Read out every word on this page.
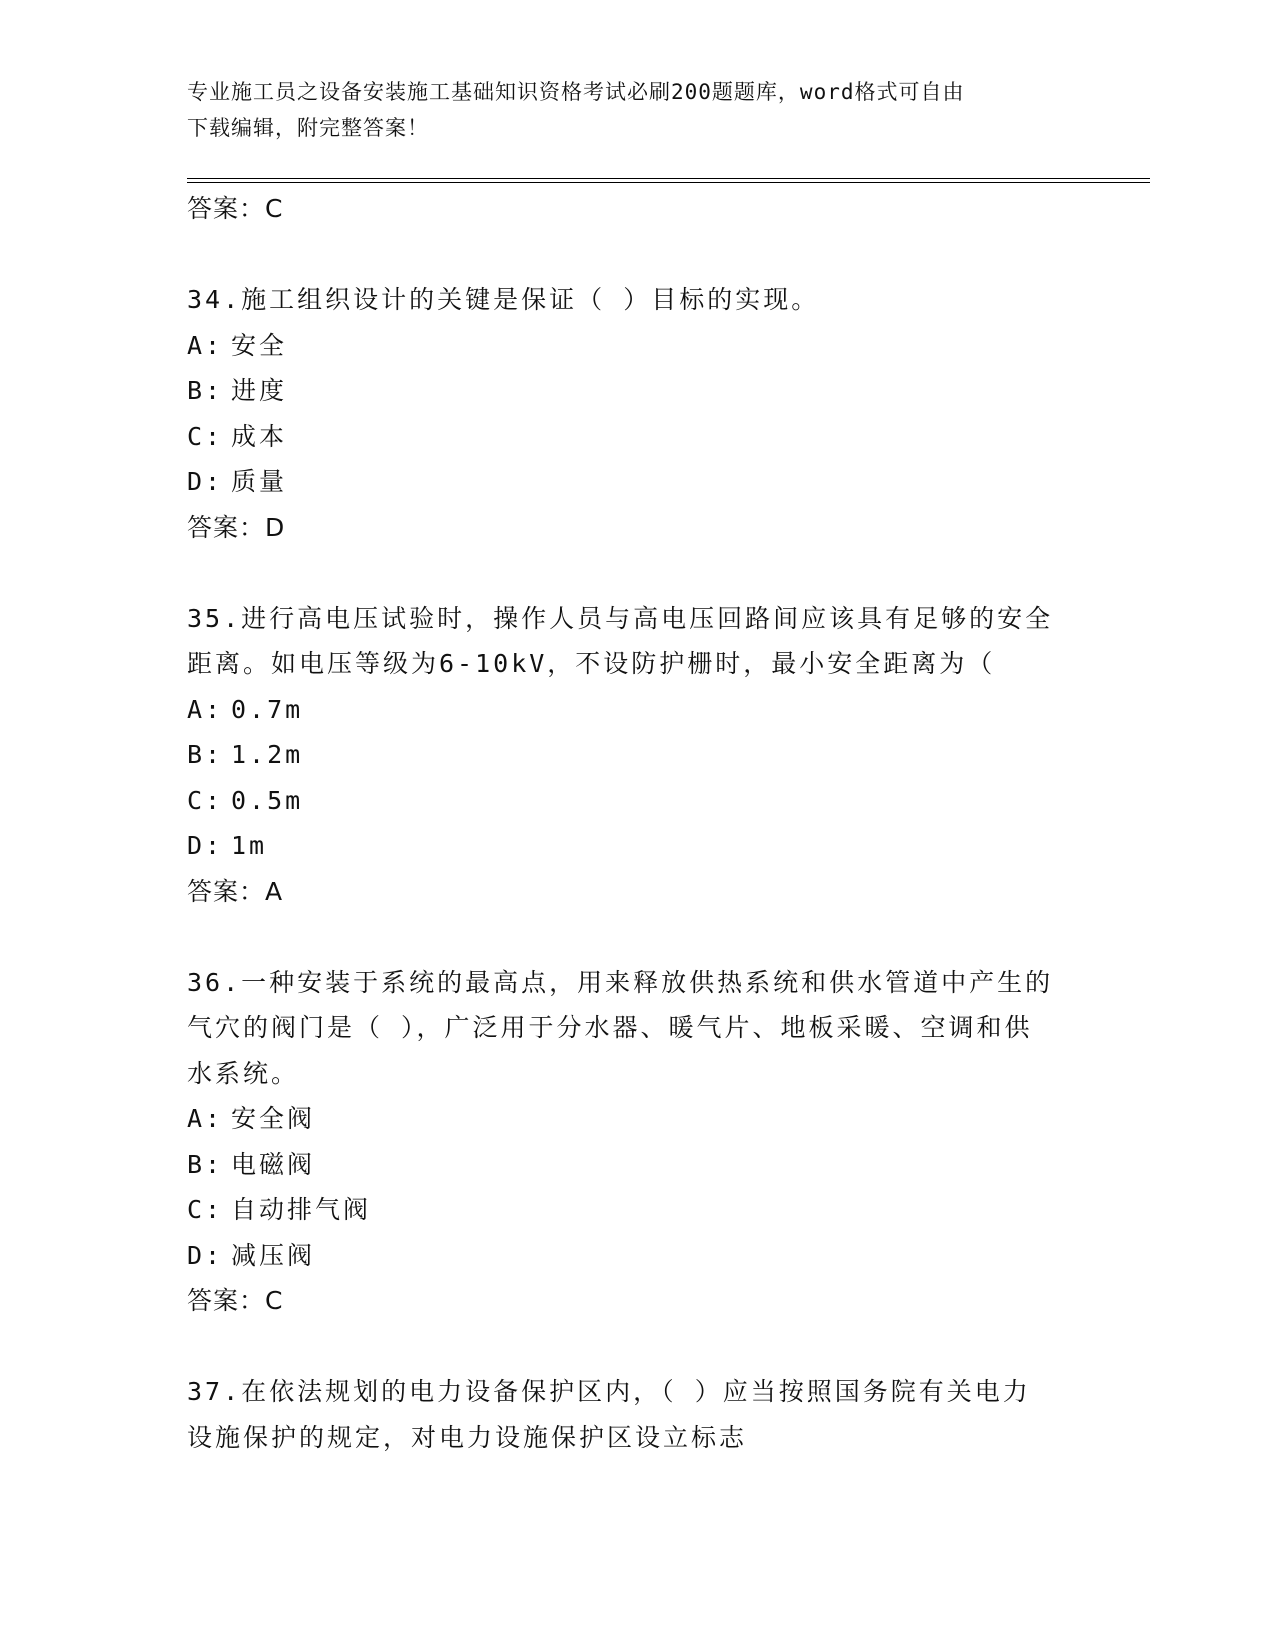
专业施工员之设备安装施工基础知识资格考试必刷200题题库，word格式可自由
下载编辑，附完整答案！
答案：C
34.施工组织设计的关键是保证（ ）目标的实现。
A: 安全
B: 进度
C: 成本
D: 质量
答案：D
35.进行高电压试验时，操作人员与高电压回路间应该具有足够的安全
距离。如电压等级为6-10kV，不设防护栅时，最小安全距离为（
A: 0.7m
B: 1.2m
C: 0.5m
D: 1m
答案：A
36.一种安装于系统的最高点，用来释放供热系统和供水管道中产生的
气穴的阀门是（ ），广泛用于分水器、暖气片、地板采暖、空调和供
水系统。
A: 安全阀
B: 电磁阀
C: 自动排气阀
D: 减压阀
答案：C
37.在依法规划的电力设备保护区内，（ ）应当按照国务院有关电力
设施保护的规定，对电力设施保护区设立标志
